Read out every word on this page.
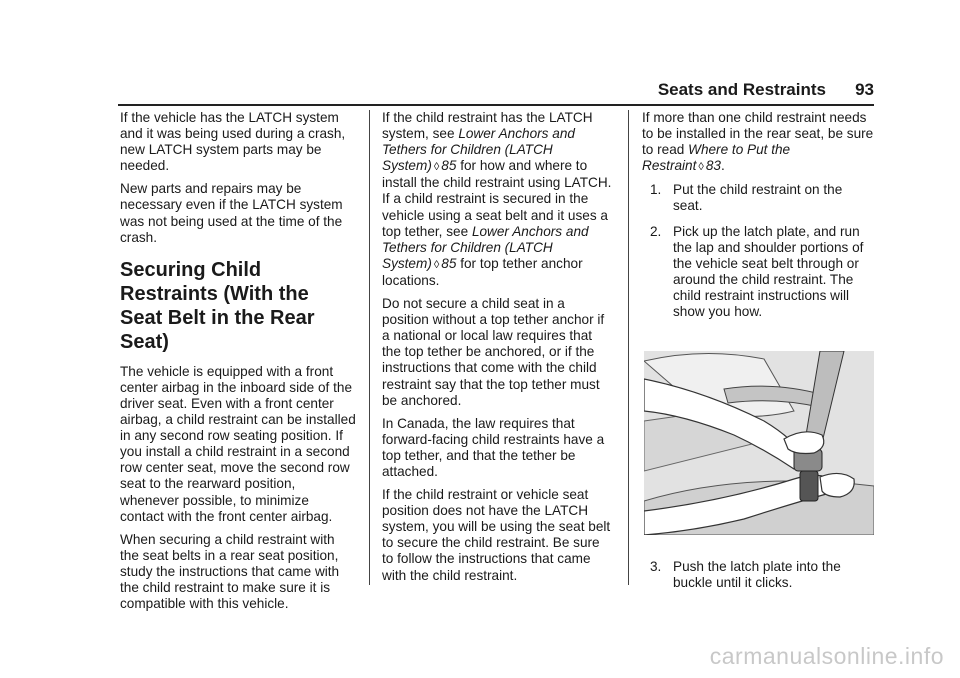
Seats and Restraints 93

If the vehicle has the LATCH system and it was being used during a crash, new LATCH system parts may be needed.

New parts and repairs may be necessary even if the LATCH system was not being used at the time of the crash.

Securing Child Restraints (With the Seat Belt in the Rear Seat)

The vehicle is equipped with a front center airbag in the inboard side of the driver seat. Even with a front center airbag, a child restraint can be installed in any second row seating position. If you install a child restraint in a second row center seat, move the second row seat to the rearward position, whenever possible, to minimize contact with the front center airbag.

When securing a child restraint with the seat belts in a rear seat position, study the instructions that came with the child restraint to make sure it is compatible with this vehicle.

If the child restraint has the LATCH system, see Lower Anchors and Tethers for Children (LATCH System) ◊ 85 for how and where to install the child restraint using LATCH. If a child restraint is secured in the vehicle using a seat belt and it uses a top tether, see Lower Anchors and Tethers for Children (LATCH System) ◊ 85 for top tether anchor locations.

Do not secure a child seat in a position without a top tether anchor if a national or local law requires that the top tether be anchored, or if the instructions that come with the child restraint say that the top tether must be anchored.

In Canada, the law requires that forward-facing child restraints have a top tether, and that the tether be attached.

If the child restraint or vehicle seat position does not have the LATCH system, you will be using the seat belt to secure the child restraint. Be sure to follow the instructions that came with the child restraint.

If more than one child restraint needs to be installed in the rear seat, be sure to read Where to Put the Restraint ◊ 83.

1. Put the child restraint on the seat.
2. Pick up the latch plate, and run the lap and shoulder portions of the vehicle seat belt through or around the child restraint. The child restraint instructions will show you how.
3. Push the latch plate into the buckle until it clicks.
carmanualsonline.info
